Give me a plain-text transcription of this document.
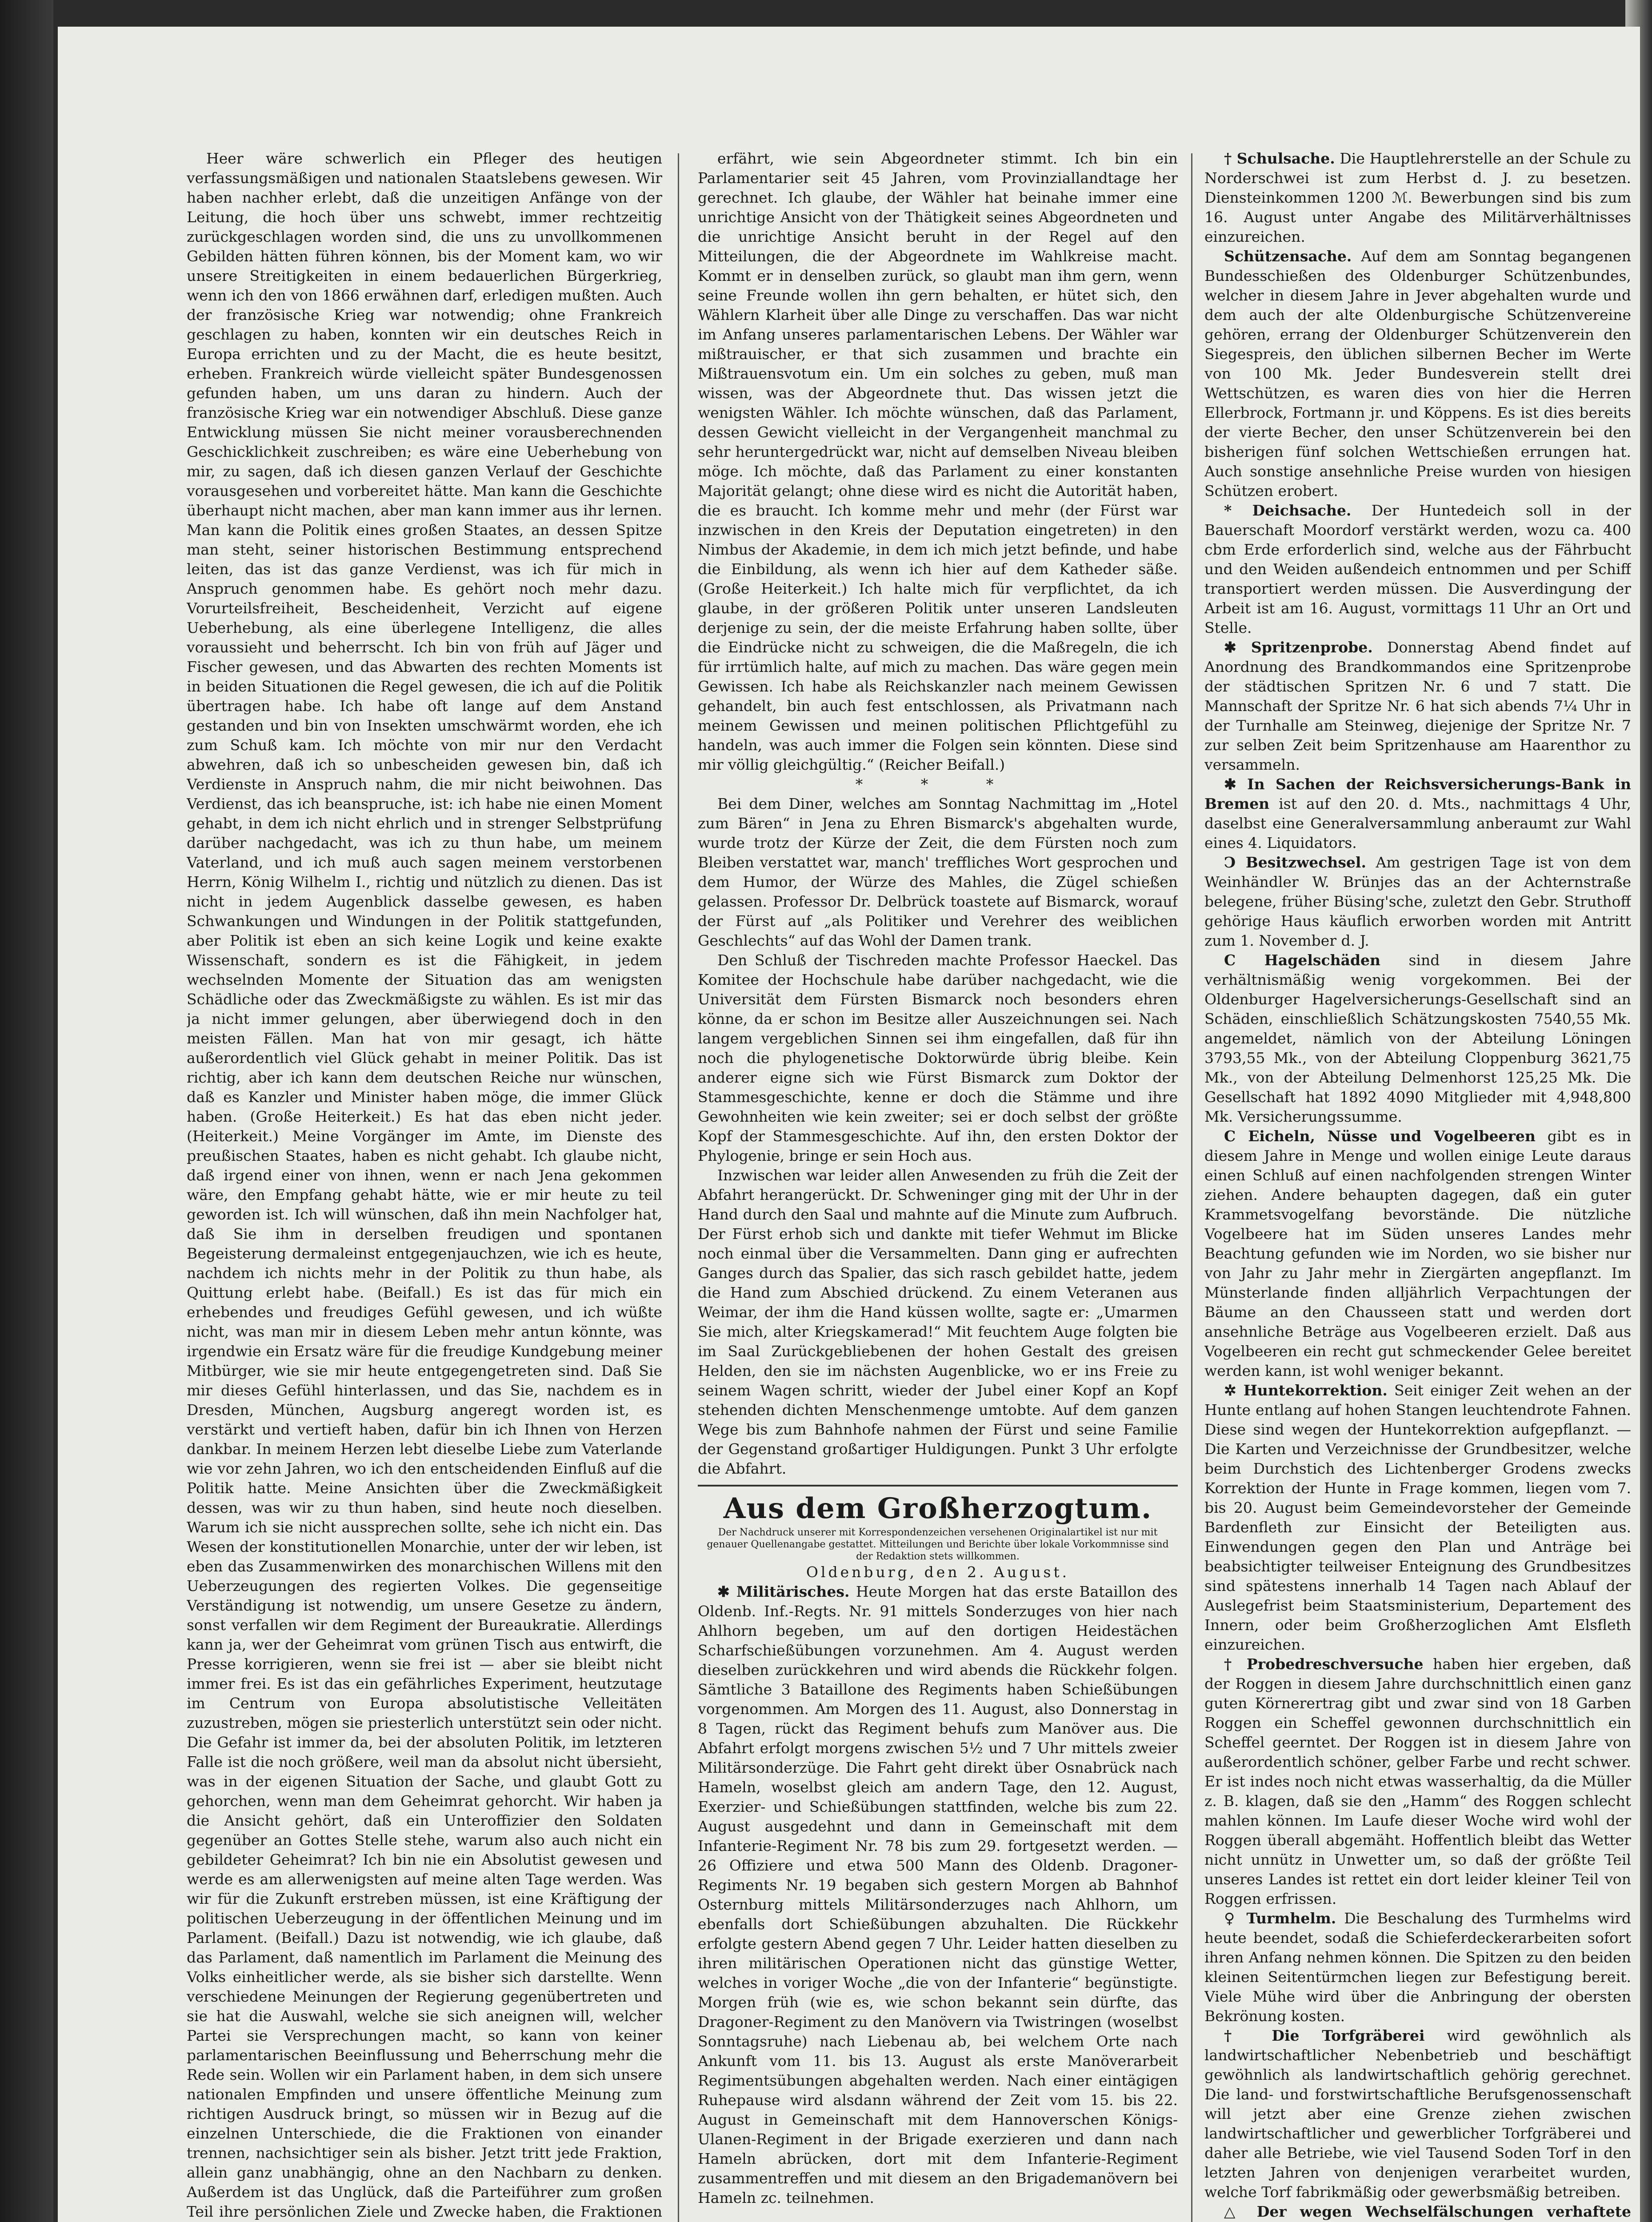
Heer wäre schwerlich ein Pfleger des heutigen verfassungsmäßigen und nationalen Staatslebens gewesen. Wir haben nachher erlebt, daß die unzeitigen Anfänge von der Leitung, die hoch über uns schwebt, immer rechtzeitig zurückgeschlagen worden sind, die uns zu unvollkommenen Gebilden hätten führen können, bis der Moment kam, wo wir unsere Streitigkeiten in einem bedauerlichen Bürgerkrieg, wenn ich den von 1866 erwähnen darf, erledigen mußten. Auch der französische Krieg war notwendig; ohne Frankreich geschlagen zu haben, konnten wir ein deutsches Reich in Europa errichten und zu der Macht, die es heute besitzt, erheben. Frankreich würde vielleicht später Bundesgenossen gefunden haben, um uns daran zu hindern. Auch der französische Krieg war ein notwendiger Abschluß. Diese ganze Entwicklung müssen Sie nicht meiner vorausberechnenden Geschicklichkeit zuschreiben; es wäre eine Ueberhebung von mir, zu sagen, daß ich diesen ganzen Verlauf der Geschichte vorausgesehen und vorbereitet hätte. Man kann die Geschichte überhaupt nicht machen, aber man kann immer aus ihr lernen. Man kann die Politik eines großen Staates, an dessen Spitze man steht, seiner historischen Bestimmung entsprechend leiten, das ist das ganze Verdienst, was ich für mich in Anspruch genommen habe. Es gehört noch mehr dazu. Vorurteilsfreiheit, Bescheidenheit, Verzicht auf eigene Ueberhebung, als eine überlegene Intelligenz, die alles voraussieht und beherrscht. Ich bin von früh auf Jäger und Fischer gewesen, und das Abwarten des rechten Moments ist in beiden Situationen die Regel gewesen, die ich auf die Politik übertragen habe. Ich habe oft lange auf dem Anstand gestanden und bin von Insekten umschwärmt worden, ehe ich zum Schuß kam. Ich möchte von mir nur den Verdacht abwehren, daß ich so unbescheiden gewesen bin, daß ich Verdienste in Anspruch nahm, die mir nicht beiwohnen. Das Verdienst, das ich beanspruche, ist: ich habe nie einen Moment gehabt, in dem ich nicht ehrlich und in strenger Selbstprüfung darüber nachgedacht, was ich zu thun habe, um meinem Vaterland, und ich muß auch sagen meinem verstorbenen Herrn, König Wilhelm I., richtig und nützlich zu dienen. Das ist nicht in jedem Augenblick dasselbe gewesen, es haben Schwankungen und Windungen in der Politik stattgefunden, aber Politik ist eben an sich keine Logik und keine exakte Wissenschaft, sondern es ist die Fähigkeit, in jedem wechselnden Momente der Situation das am wenigsten Schädliche oder das Zweckmäßigste zu wählen. Es ist mir das ja nicht immer gelungen, aber überwiegend doch in den meisten Fällen. Man hat von mir gesagt, ich hätte außerordentlich viel Glück gehabt in meiner Politik. Das ist richtig, aber ich kann dem deutschen Reiche nur wünschen, daß es Kanzler und Minister haben möge, die immer Glück haben. (Große Heiterkeit.) Es hat das eben nicht jeder. (Heiterkeit.) Meine Vorgänger im Amte, im Dienste des preußischen Staates, haben es nicht gehabt. Ich glaube nicht, daß irgend einer von ihnen, wenn er nach Jena gekommen wäre, den Empfang gehabt hätte, wie er mir heute zu teil geworden ist. Ich will wünschen, daß ihn mein Nachfolger hat, daß Sie ihm in derselben freudigen und spontanen Begeisterung dermaleinst entgegenjauchzen, wie ich es heute, nachdem ich nichts mehr in der Politik zu thun habe, als Quittung erlebt habe. (Beifall.) Es ist das für mich ein erhebendes und freudiges Gefühl gewesen, und ich wüßte nicht, was man mir in diesem Leben mehr antun könnte, was irgendwie ein Ersatz wäre für die freudige Kundgebung meiner Mitbürger, wie sie mir heute entgegengetreten sind. Daß Sie mir dieses Gefühl hinterlassen, und das Sie, nachdem es in Dresden, München, Augsburg angeregt worden ist, es verstärkt und vertieft haben, dafür bin ich Ihnen von Herzen dankbar. In meinem Herzen lebt dieselbe Liebe zum Vaterlande wie vor zehn Jahren, wo ich den entscheidenden Einfluß auf die Politik hatte. Meine Ansichten über die Zweckmäßigkeit dessen, was wir zu thun haben, sind heute noch dieselben. Warum ich sie nicht aussprechen sollte, sehe ich nicht ein. Das Wesen der konstitutionellen Monarchie, unter der wir leben, ist eben das Zusammenwirken des monarchischen Willens mit den Ueberzeugungen des regierten Volkes. Die gegenseitige Verständigung ist notwendig, um unsere Gesetze zu ändern, sonst verfallen wir dem Regiment der Bureaukratie. Allerdings kann ja, wer der Geheimrat vom grünen Tisch aus entwirft, die Presse korrigieren, wenn sie frei ist — aber sie bleibt nicht immer frei. Es ist das ein gefährliches Experiment, heutzutage im Centrum von Europa absolutistische Velleitäten zuzustreben, mögen sie priesterlich unterstützt sein oder nicht. Die Gefahr ist immer da, bei der absoluten Politik, im letzteren Falle ist die noch größere, weil man da absolut nicht übersieht, was in der eigenen Situation der Sache, und glaubt Gott zu gehorchen, wenn man dem Geheimrat gehorcht. Wir haben ja die Ansicht gehört, daß ein Unteroffizier den Soldaten gegenüber an Gottes Stelle stehe, warum also auch nicht ein gebildeter Geheimrat? Ich bin nie ein Absolutist gewesen und werde es am allerwenigsten auf meine alten Tage werden. Was wir für die Zukunft erstreben müssen, ist eine Kräftigung der politischen Ueberzeugung in der öffentlichen Meinung und im Parlament. (Beifall.) Dazu ist notwendig, wie ich glaube, daß das Parlament, daß namentlich im Parlament die Meinung des Volks einheitlicher werde, als sie bisher sich darstellte. Wenn verschiedene Meinungen der Regierung gegenübertreten und sie hat die Auswahl, welche sie sich aneignen will, welcher Partei sie Versprechungen macht, so kann von keiner parlamentarischen Beeinflussung und Beherrschung mehr die Rede sein. Wollen wir ein Parlament haben, in dem sich unsere nationalen Empfinden und unsere öffentliche Meinung zum richtigen Ausdruck bringt, so müssen wir in Bezug auf die einzelnen Unterschiede, die die Fraktionen von einander trennen, nachsichtiger sein als bisher. Jetzt tritt jede Fraktion, allein ganz unabhängig, ohne an den Nachbarn zu denken. Außerdem ist das Unglück, daß die Parteiführer zum großen Teil ihre persönlichen Ziele und Zwecke haben, die Fraktionen

erfährt, wie sein Abgeordneter stimmt. Ich bin ein Parlamentarier seit 45 Jahren, vom Provinziallandtage her gerechnet. Ich glaube, der Wähler hat beinahe immer eine unrichtige Ansicht von der Thätigkeit seines Abgeordneten und die unrichtige Ansicht beruht in der Regel auf den Mitteilungen, die der Abgeordnete im Wahlkreise macht. Kommt er in denselben zurück, so glaubt man ihm gern, wenn seine Freunde wollen ihn gern behalten, er hütet sich, den Wählern Klarheit über alle Dinge zu verschaffen. Das war nicht im Anfang unseres parlamentarischen Lebens. Der Wähler war mißtrauischer, er that sich zusammen und brachte ein Mißtrauensvotum ein. Um ein solches zu geben, muß man wissen, was der Abgeordnete thut. Das wissen jetzt die wenigsten Wähler. Ich möchte wünschen, daß das Parlament, dessen Gewicht vielleicht in der Vergangenheit manchmal zu sehr heruntergedrückt war, nicht auf demselben Niveau bleiben möge. Ich möchte, daß das Parlament zu einer konstanten Majorität gelangt; ohne diese wird es nicht die Autorität haben, die es braucht. Ich komme mehr und mehr (der Fürst war inzwischen in den Kreis der Deputation eingetreten) in den Nimbus der Akademie, in dem ich mich jetzt befinde, und habe die Einbildung, als wenn ich hier auf dem Katheder säße. (Große Heiterkeit.) Ich halte mich für verpflichtet, da ich glaube, in der größeren Politik unter unseren Landsleuten derjenige zu sein, der die meiste Erfahrung haben sollte, über die Eindrücke nicht zu schweigen, die die Maßregeln, die ich für irrtümlich halte, auf mich zu machen. Das wäre gegen mein Gewissen. Ich habe als Reichskanzler nach meinem Gewissen gehandelt, bin auch fest entschlossen, als Privatmann nach meinem Gewissen und meinen politischen Pflichtgefühl zu handeln, was auch immer die Folgen sein könnten. Diese sind mir völlig gleichgültig.“ (Reicher Beifall.)

* * *

Bei dem Diner, welches am Sonntag Nachmittag im „Hotel zum Bären“ in Jena zu Ehren Bismarck's abgehalten wurde, wurde trotz der Kürze der Zeit, die dem Fürsten noch zum Bleiben verstattet war, manch' treffliches Wort gesprochen und dem Humor, der Würze des Mahles, die Zügel schießen gelassen. Professor Dr. Delbrück toastete auf Bismarck, worauf der Fürst auf „als Politiker und Verehrer des weiblichen Geschlechts“ auf das Wohl der Damen trank.

Den Schluß der Tischreden machte Professor Haeckel. Das Komitee der Hochschule habe darüber nachgedacht, wie die Universität dem Fürsten Bismarck noch besonders ehren könne, da er schon im Besitze aller Auszeichnungen sei. Nach langem vergeblichen Sinnen sei ihm eingefallen, daß für ihn noch die phylogenetische Doktorwürde übrig bleibe. Kein anderer eigne sich wie Fürst Bismarck zum Doktor der Stammesgeschichte, kenne er doch die Stämme und ihre Gewohnheiten wie kein zweiter; sei er doch selbst der größte Kopf der Stammesgeschichte. Auf ihn, den ersten Doktor der Phylogenie, bringe er sein Hoch aus.

Inzwischen war leider allen Anwesenden zu früh die Zeit der Abfahrt herangerückt. Dr. Schweninger ging mit der Uhr in der Hand durch den Saal und mahnte auf die Minute zum Aufbruch. Der Fürst erhob sich und dankte mit tiefer Wehmut im Blicke noch einmal über die Versammelten. Dann ging er aufrechten Ganges durch das Spalier, das sich rasch gebildet hatte, jedem die Hand zum Abschied drückend. Zu einem Veteranen aus Weimar, der ihm die Hand küssen wollte, sagte er: „Umarmen Sie mich, alter Kriegskamerad!“ Mit feuchtem Auge folgten bie im Saal Zurückgebliebenen der hohen Gestalt des greisen Helden, den sie im nächsten Augenblicke, wo er ins Freie zu seinem Wagen schritt, wieder der Jubel einer Kopf an Kopf stehenden dichten Menschenmenge umtobte. Auf dem ganzen Wege bis zum Bahnhofe nahmen der Fürst und seine Familie der Gegenstand großartiger Huldigungen. Punkt 3 Uhr erfolgte die Abfahrt.

Aus dem Großherzogtum.

Der Nachdruck unserer mit Korrespondenzeichen versehenen Originalartikel ist nur mit genauer Quellenangabe gestattet. Mitteilungen und Berichte über lokale Vorkommnisse sind der Redaktion stets willkommen.

Oldenburg, den 2. August.

✱ Militärisches. Heute Morgen hat das erste Bataillon des Oldenb. Inf.-Regts. Nr. 91 mittels Sonderzuges von hier nach Ahlhorn begeben, um auf den dortigen Heidestächen Scharfschießübungen vorzunehmen. Am 4. August werden dieselben zurückkehren und wird abends die Rückkehr folgen. Sämtliche 3 Bataillone des Regiments haben Schießübungen vorgenommen. Am Morgen des 11. August, also Donnerstag in 8 Tagen, rückt das Regiment behufs zum Manöver aus. Die Abfahrt erfolgt morgens zwischen 5½ und 7 Uhr mittels zweier Militärsonderzüge. Die Fahrt geht direkt über Osnabrück nach Hameln, woselbst gleich am andern Tage, den 12. August, Exerzier- und Schießübungen stattfinden, welche bis zum 22. August ausgedehnt und dann in Gemeinschaft mit dem Infanterie-Regiment Nr. 78 bis zum 29. fortgesetzt werden. — 26 Offiziere und etwa 500 Mann des Oldenb. Dragoner-Regiments Nr. 19 begaben sich gestern Morgen ab Bahnhof Osternburg mittels Militärsonderzuges nach Ahlhorn, um ebenfalls dort Schießübungen abzuhalten. Die Rückkehr erfolgte gestern Abend gegen 7 Uhr. Leider hatten dieselben zu ihren militärischen Operationen nicht das günstige Wetter, welches in voriger Woche „die von der Infanterie“ begünstigte. Morgen früh (wie es, wie schon bekannt sein dürfte, das Dragoner-Regiment zu den Manövern via Twistringen (woselbst Sonntagsruhe) nach Liebenau ab, bei welchem Orte nach Ankunft vom 11. bis 13. August als erste Manöverarbeit Regimentsübungen abgehalten werden. Nach einer eintägigen Ruhepause wird alsdann während der Zeit vom 15. bis 22. August in Gemeinschaft mit dem Hannoverschen Königs-Ulanen-Regiment in der Brigade exerzieren und dann nach Hameln abrücken, dort mit dem Infanterie-Regiment zusammentreffen und mit diesem an den Brigademanövern bei Hameln zc. teilnehmen.

† Schulsache. Die Hauptlehrerstelle an der Schule zu Norderschwei ist zum Herbst d. J. zu besetzen. Diensteinkommen 1200 ℳ. Bewerbungen sind bis zum 16. August unter Angabe des Militärverhältnisses einzureichen.

Schützensache. Auf dem am Sonntag begangenen Bundesschießen des Oldenburger Schützenbundes, welcher in diesem Jahre in Jever abgehalten wurde und dem auch der alte Oldenburgische Schützenvereine gehören, errang der Oldenburger Schützenverein den Siegespreis, den üblichen silbernen Becher im Werte von 100 Mk. Jeder Bundesverein stellt drei Wettschützen, es waren dies von hier die Herren Ellerbrock, Fortmann jr. und Köppens. Es ist dies bereits der vierte Becher, den unser Schützenverein bei den bisherigen fünf solchen Wettschießen errungen hat. Auch sonstige ansehnliche Preise wurden von hiesigen Schützen erobert.

* Deichsache. Der Huntedeich soll in der Bauerschaft Moordorf verstärkt werden, wozu ca. 400 cbm Erde erforderlich sind, welche aus der Fährbucht und den Weiden außendeich entnommen und per Schiff transportiert werden müssen. Die Ausverdingung der Arbeit ist am 16. August, vormittags 11 Uhr an Ort und Stelle.

✱ Spritzenprobe. Donnerstag Abend findet auf Anordnung des Brandkommandos eine Spritzenprobe der städtischen Spritzen Nr. 6 und 7 statt. Die Mannschaft der Spritze Nr. 6 hat sich abends 7¼ Uhr in der Turnhalle am Steinweg, diejenige der Spritze Nr. 7 zur selben Zeit beim Spritzenhause am Haarenthor zu versammeln.

✱ In Sachen der Reichsversicherungs-Bank in Bremen ist auf den 20. d. Mts., nachmittags 4 Uhr, daselbst eine Generalversammlung anberaumt zur Wahl eines 4. Liquidators.

Ↄ Besitzwechsel. Am gestrigen Tage ist von dem Weinhändler W. Brünjes das an der Achternstraße belegene, früher Büsing'sche, zuletzt den Gebr. Struthoff gehörige Haus käuflich erworben worden mit Antritt zum 1. November d. J.

Ⅽ Hagelschäden sind in diesem Jahre verhältnismäßig wenig vorgekommen. Bei der Oldenburger Hagelversicherungs-Gesellschaft sind an Schäden, einschließlich Schätzungskosten 7540,55 Mk. angemeldet, nämlich von der Abteilung Löningen 3793,55 Mk., von der Abteilung Cloppenburg 3621,75 Mk., von der Abteilung Delmenhorst 125,25 Mk. Die Gesellschaft hat 1892 4090 Mitglieder mit 4,948,800 Mk. Versicherungssumme.

Ⅽ Eicheln, Nüsse und Vogelbeeren gibt es in diesem Jahre in Menge und wollen einige Leute daraus einen Schluß auf einen nachfolgenden strengen Winter ziehen. Andere behaupten dagegen, daß ein guter Krammetsvogelfang bevorstände. Die nützliche Vogelbeere hat im Süden unseres Landes mehr Beachtung gefunden wie im Norden, wo sie bisher nur von Jahr zu Jahr mehr in Ziergärten angepflanzt. Im Münsterlande finden alljährlich Verpachtungen der Bäume an den Chausseen statt und werden dort ansehnliche Beträge aus Vogelbeeren erzielt. Daß aus Vogelbeeren ein recht gut schmeckender Gelee bereitet werden kann, ist wohl weniger bekannt.

✲ Huntekorrektion. Seit einiger Zeit wehen an der Hunte entlang auf hohen Stangen leuchtendrote Fahnen. Diese sind wegen der Huntekorrektion aufgepflanzt. — Die Karten und Verzeichnisse der Grundbesitzer, welche beim Durchstich des Lichtenberger Grodens zwecks Korrektion der Hunte in Frage kommen, liegen vom 7. bis 20. August beim Gemeindevorsteher der Gemeinde Bardenfleth zur Einsicht der Beteiligten aus. Einwendungen gegen den Plan und Anträge bei beabsichtigter teilweiser Enteignung des Grundbesitzes sind spätestens innerhalb 14 Tagen nach Ablauf der Auslegefrist beim Staatsministerium, Departement des Innern, oder beim Großherzoglichen Amt Elsfleth einzureichen.

† Probedreschversuche haben hier ergeben, daß der Roggen in diesem Jahre durchschnittlich einen ganz guten Körnerertrag gibt und zwar sind von 18 Garben Roggen ein Scheffel gewonnen durchschnittlich ein Scheffel geerntet. Der Roggen ist in diesem Jahre von außerordentlich schöner, gelber Farbe und recht schwer. Er ist indes noch nicht etwas wasserhaltig, da die Müller z. B. klagen, daß sie den „Hamm“ des Roggen schlecht mahlen können. Im Laufe dieser Woche wird wohl der Roggen überall abgemäht. Hoffentlich bleibt das Wetter nicht unnütz in Unwetter um, so daß der größte Teil unseres Landes ist rettet ein dort leider kleiner Teil von Roggen erfrissen.

♀ Turmhelm. Die Beschalung des Turmhelms wird heute beendet, sodaß die Schieferdeckerarbeiten sofort ihren Anfang nehmen können. Die Spitzen zu den beiden kleinen Seitentürmchen liegen zur Befestigung bereit. Viele Mühe wird über die Anbringung der obersten Bekrönung kosten.

† Die Torfgräberei wird gewöhnlich als landwirtschaftlicher Nebenbetrieb und beschäftigt gewöhnlich als landwirtschaftlich gehörig gerechnet. Die land- und forstwirtschaftliche Berufsgenossenschaft will jetzt aber eine Grenze ziehen zwischen landwirtschaftlicher und gewerblicher Torfgräberei und daher alle Betriebe, wie viel Tausend Soden Torf in den letzten Jahren von denjenigen verarbeitet wurden, welche Torf fabrikmäßig oder gewerbsmäßig betreiben.

△ Der wegen Wechselfälschungen verhaftete
